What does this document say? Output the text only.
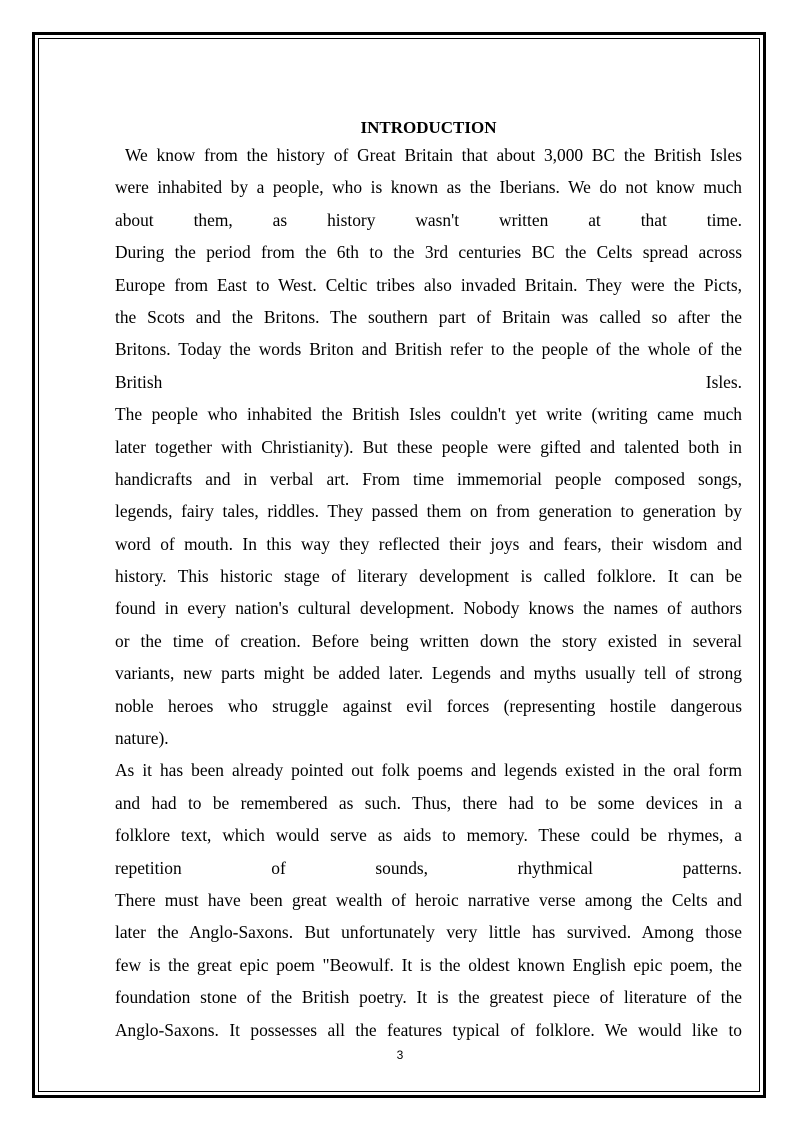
INTRODUCTION
We know from the history of Great Britain that about 3,000 BC the British Isles
were inhabited by a people, who is known as the Iberians. We do not know much
about them, as history wasn't written at that time.
During the period from the 6th to the 3rd centuries BC the Celts spread across
Europe from East to West. Celtic tribes also invaded Britain. They were the Picts,
the Scots and the Britons. The southern part of Britain was called so after the
Britons. Today the words Briton and British refer to the people of the whole of the
British Isles.
The people who inhabited the British Isles couldn't yet write (writing came much
later together with Christianity). But these people were gifted and talented both in
handicrafts and in verbal art. From time immemorial people composed songs,
legends, fairy tales, riddles. They passed them on from generation to generation by
word of mouth. In this way they reflected their joys and fears, their wisdom and
history. This historic stage of literary development is called folklore. It can be
found in every nation's cultural development. Nobody knows the names of authors
or the time of creation. Before being written down the story existed in several
variants, new parts might be added later. Legends and myths usually tell of strong
noble heroes who struggle against evil forces (representing hostile dangerous
nature).
As it has been already pointed out folk poems and legends existed in the oral form
and had to be remembered as such. Thus, there had to be some devices in a
folklore text, which would serve as aids to memory. These could be rhymes, a
repetition of sounds, rhythmical patterns.
There must have been great wealth of heroic narrative verse among the Celts and
later the Anglo-Saxons. But unfortunately very little has survived. Among those
few is the great epic poem "Beowulf. It is the oldest known English epic poem, the
foundation stone of the British poetry. It is the greatest piece of literature of the
Anglo-Saxons. It possesses all the features typical of folklore. We would like to
3
